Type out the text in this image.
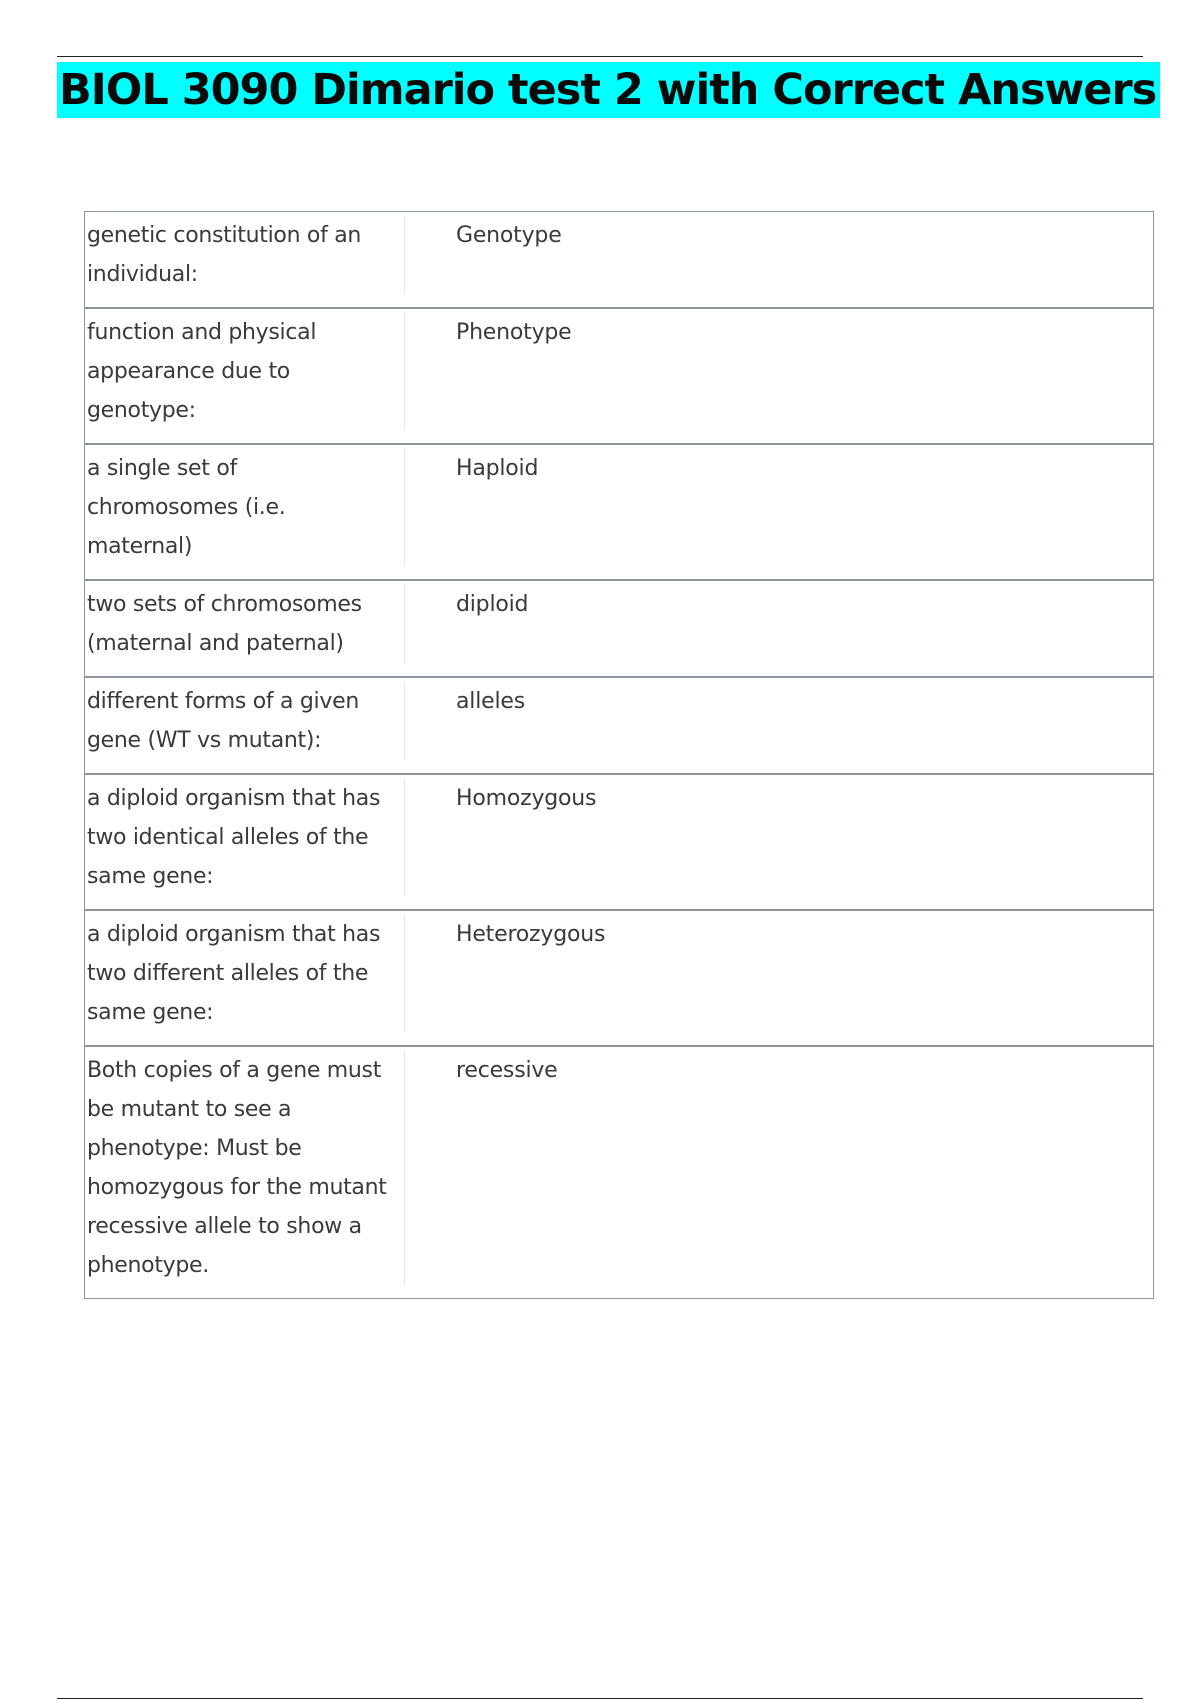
BIOL 3090 Dimario test 2 with Correct Answers
genetic constitution of an individual:	Genotype

function and physical appearance due to genotype:	Phenotype

a single set of chromosomes (i.e. maternal)	Haploid

two sets of chromosomes (maternal and paternal)	diploid

different forms of a given gene (WT vs mutant):	alleles

a diploid organism that has two identical alleles of the same gene:	Homozygous

a diploid organism that has two different alleles of the same gene:	Heterozygous

Both copies of a gene must be mutant to see a phenotype: Must be homozygous for the mutant recessive allele to show a phenotype.	recessive
